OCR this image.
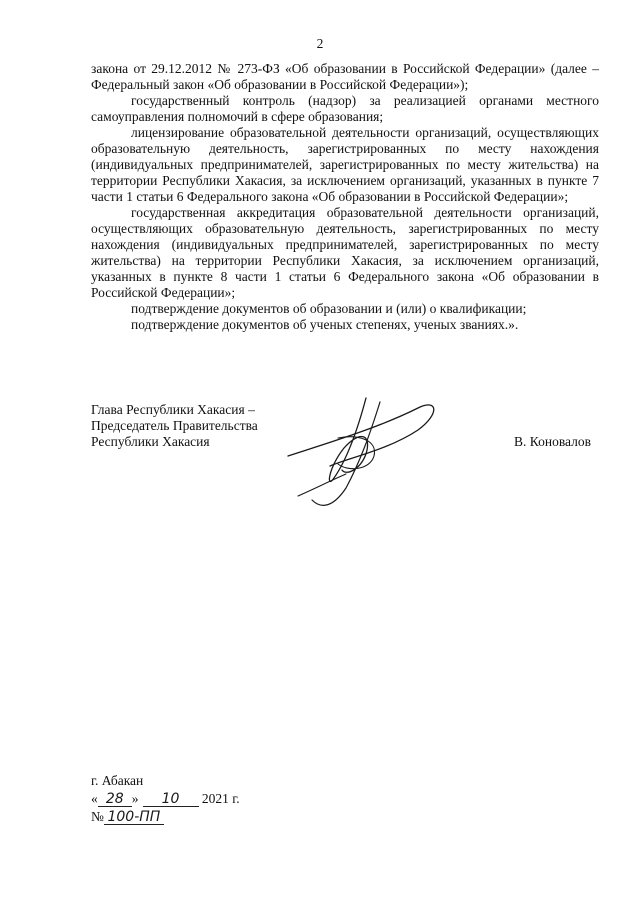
2

закона от 29.12.2012 № 273-ФЗ «Об образовании в Российской Федерации» (далее – Федеральный закон «Об образовании в Российской Федерации»);

государственный контроль (надзор) за реализацией органами местного самоуправления полномочий в сфере образования;

лицензирование образовательной деятельности организаций, осуществляющих образовательную деятельность, зарегистрированных по месту нахождения (индивидуальных предпринимателей, зарегистрированных по месту жительства) на территории Республики Хакасия, за исключением организаций, указанных в пункте 7 части 1 статьи 6 Федерального закона «Об образовании в Российской Федерации»;

государственная аккредитация образовательной деятельности организаций, осуществляющих образовательную деятельность, зарегистрированных по месту нахождения (индивидуальных предпринимателей, зарегистрированных по месту жительства) на территории Республики Хакасия, за исключением организаций, указанных в пункте 8 части 1 статьи 6 Федерального закона «Об образовании в Российской Федерации»;

подтверждение документов об образовании и (или) о квалификации;

подтверждение документов об ученых степенях, ученых званиях.».

Глава Республики Хакасия –
Председатель Правительства
Республики Хакасия	В. Коновалов
г. Абакан
« 28 » 10 2021 г.
№ 100-ПП
